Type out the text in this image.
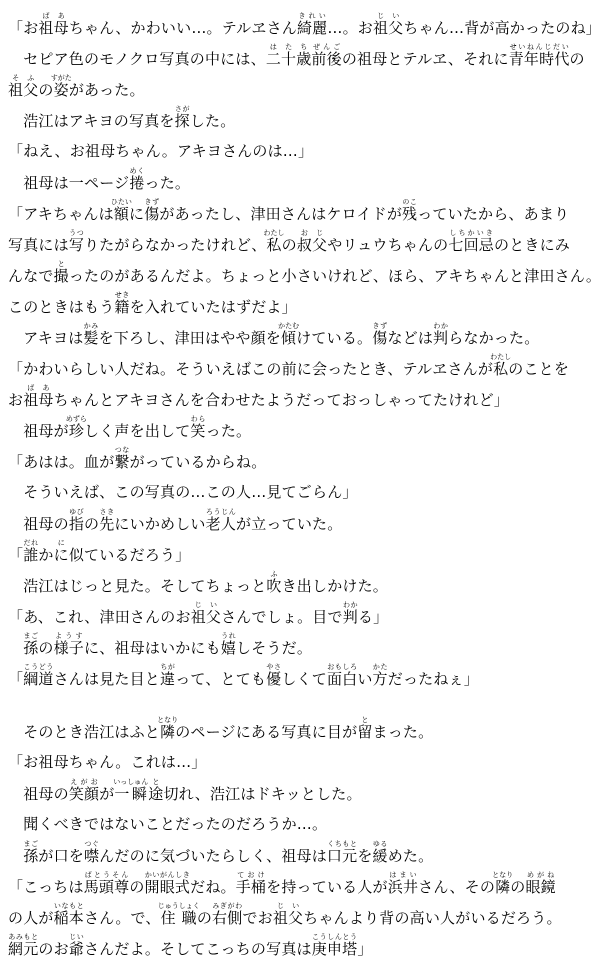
「お祖母ばあちゃん、かわいい…。テルヱさん綺麗きれい…。お祖父じいちゃん…背が高かったのね」
　セピア色のモノクロ写真の中には、二十歳はたち前後ぜんごの祖母とテルヱ、それに青年時代せいねんじだいの
祖父そふの姿すがたがあった。
　浩江はアキヨの写真を探さがした。
「ねえ、お祖母ちゃん。アキヨさんのは…」
　祖母は一ページ捲めくった。
「アキちゃんは額ひたいに傷きずがあったし、津田さんはケロイドが残のこっていたから、あまり
写真には写うつりたがらなかったけれど、私わたしの叔父おじやリュウちゃんの七回忌しちかいきのときにみ
んなで撮とったのがあるんだよ。ちょっと小さいけれど、ほら、アキちゃんと津田さん。
このときはもう籍せきを入れていたはずだよ」
　アキヨは髪かみを下ろし、津田はやや顔を傾かたむけている。傷きずなどは判わからなかった。
「かわいらしい人だね。そういえばこの前に会ったとき、テルヱさんが私わたしのことを
お祖母ばあちゃんとアキヨさんを合わせたようだっておっしゃってたけれど」
　祖母が珍めずらしく声を出して笑わらった。
「あはは。血が繋つながっているからね。
　そういえば、この写真の…この人…見てごらん」
　祖母の指ゆびの先さきにいかめしい老人ろうじんが立っていた。
「誰だれかにに似ているだろう」
　浩江はじっと見た。そしてちょっと吹ふき出しかけた。
「あ、これ、津田さんのお祖父じいさんでしょ。目で判わかる」
　孫まごの様子ようすに、祖母はいかにも嬉うれしそうだ。
「綱道こうどうさんは見た目と違ちがって、とても優やさしくて面白おもしろい方かただったねぇ」
　そのとき浩江はふと隣となりのページにある写真に目が留とまった。
「お祖母ちゃん。これは…」
　祖母の笑顔えがおが一瞬いっしゅん途と切れ、浩江はドキッとした。
　聞くべきではないことだったのだろうか…。
　孫まごが口を噤つぐんだのに気づいたらしく、祖母は口元くちもとを緩ゆるめた。
「こっちは馬頭尊ばとうそんの開眼式かいがんしきだね。手桶ておけを持っている人が浜井はまいさん、その隣となりの眼鏡めがね
の人が稲本いなもとさん。で、住職じゅうしょくの右側みぎがわでお祖父じいちゃんより背の高い人がいるだろう。
網元あみもとのお爺じいさんだよ。そしてこっちの写真は庚申塔こうしんとう」
